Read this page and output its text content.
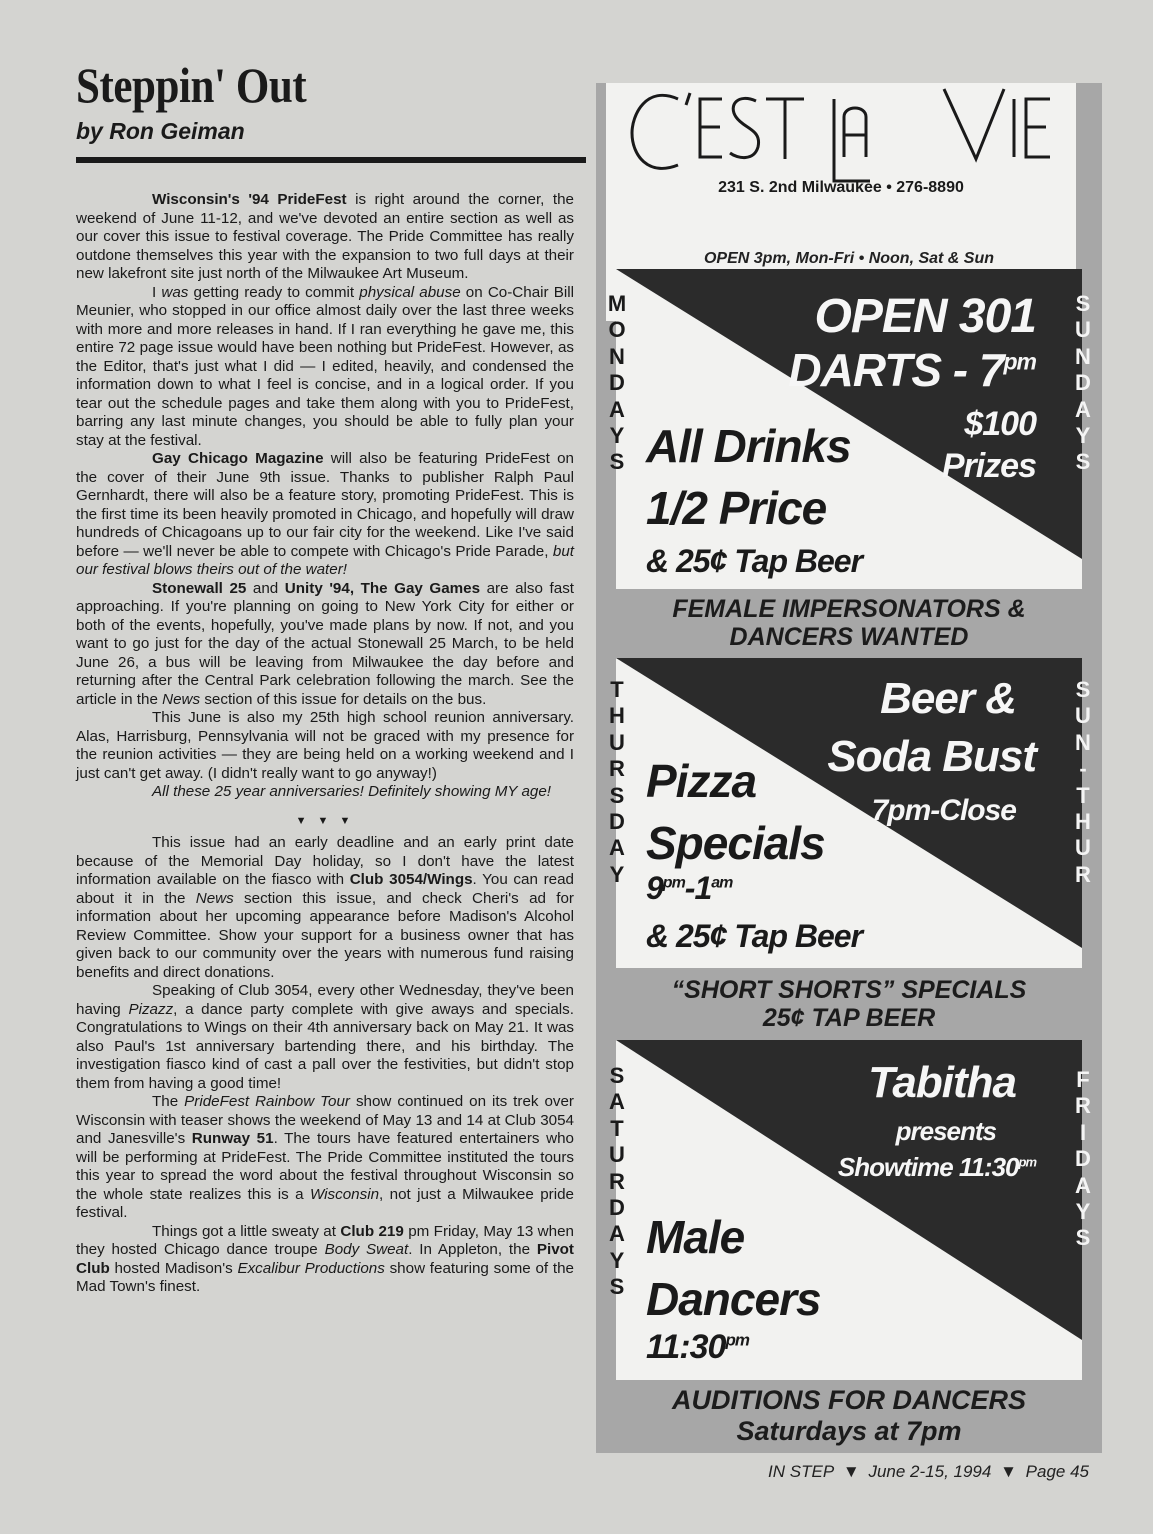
Steppin' Out
by Ron Geiman

Wisconsin's '94 PrideFest is right around the corner, the weekend of June 11-12, and we've devoted an entire section as well as our cover this issue to festival coverage. The Pride Committee has really outdone themselves this year with the expansion to two full days at their new lakefront site just north of the Milwaukee Art Museum.

I was getting ready to commit physical abuse on Co-Chair Bill Meunier, who stopped in our office almost daily over the last three weeks with more and more releases in hand. If I ran everything he gave me, this entire 72 page issue would have been nothing but PrideFest. However, as the Editor, that's just what I did — I edited, heavily, and condensed the information down to what I feel is concise, and in a logical order. If you tear out the schedule pages and take them along with you to PrideFest, barring any last minute changes, you should be able to fully plan your stay at the festival.

Gay Chicago Magazine will also be featuring PrideFest on the cover of their June 9th issue. Thanks to publisher Ralph Paul Gernhardt, there will also be a feature story, promoting PrideFest. This is the first time its been heavily promoted in Chicago, and hopefully will draw hundreds of Chicagoans up to our fair city for the weekend. Like I've said before — we'll never be able to compete with Chicago's Pride Parade, but our festival blows theirs out of the water!

Stonewall 25 and Unity '94, The Gay Games are also fast approaching. If you're planning on going to New York City for either or both of the events, hopefully, you've made plans by now. If not, and you want to go just for the day of the actual Stonewall 25 March, to be held June 26, a bus will be leaving from Milwaukee the day before and returning after the Central Park celebration following the march. See the article in the News section of this issue for details on the bus.

This June is also my 25th high school reunion anniversary. Alas, Harrisburg, Pennsylvania will not be graced with my presence for the reunion activities — they are being held on a working weekend and I just can't get away. (I didn't really want to go anyway!)

All these 25 year anniversaries! Definitely showing MY age!

▼ ▼ ▼

This issue had an early deadline and an early print date because of the Memorial Day holiday, so I don't have the latest information available on the fiasco with Club 3054/Wings. You can read about it in the News section this issue, and check Cheri's ad for information about her upcoming appearance before Madison's Alcohol Review Committee. Show your support for a business owner that has given back to our community over the years with numerous fund raising benefits and direct donations.

Speaking of Club 3054, every other Wednesday, they've been having Pizazz, a dance party complete with give aways and specials. Congratulations to Wings on their 4th anniversary back on May 21. It was also Paul's 1st anniversary bartending there, and his birthday. The investigation fiasco kind of cast a pall over the festivities, but didn't stop them from having a good time!

The PrideFest Rainbow Tour show continued on its trek over Wisconsin with teaser shows the weekend of May 13 and 14 at Club 3054 and Janesville's Runway 51. The tours have featured entertainers who will be performing at PrideFest. The Pride Committee instituted the tours this year to spread the word about the festival throughout Wisconsin so the whole state realizes this is a Wisconsin, not just a Milwaukee pride festival.

Things got a little sweaty at Club 219 pm Friday, May 13 when they hosted Chicago dance troupe Body Sweat. In Appleton, the Pivot Club hosted Madison's Excalibur Productions show featuring some of the Mad Town's finest.

231 S. 2nd Milwaukee • 276-8890
OPEN 3pm, Mon-Fri • Noon, Sat & Sun
OPEN 301
DARTS - $7^{pm}$
$100
Prizes
All Drinks
1/2 Price
& 25¢ Tap Beer
M
O
N
D
A
Y
S
S
U
N
D
A
Y
S
FEMALE IMPERSONATORS &
DANCERS WANTED
Beer &
Soda Bust
7pm-Close
Pizza
Specials
$9^{pm}-1^{am}$
& 25¢ Tap Beer
T
H
U
R
S
D
A
Y
S
U
N
-
T
H
U
R
“SHORT SHORTS” SPECIALS
25¢ TAP BEER
Tabitha
presents
Showtime $11:30^{pm}$
Male
Dancers
$11:30^{pm}$
S
A
T
U
R
D
A
Y
S
F
R
I
D
A
Y
S
AUDITIONS FOR DANCERS
Saturdays at 7pm
IN STEP ▼ June 2-15, 1994 ▼ Page 45
